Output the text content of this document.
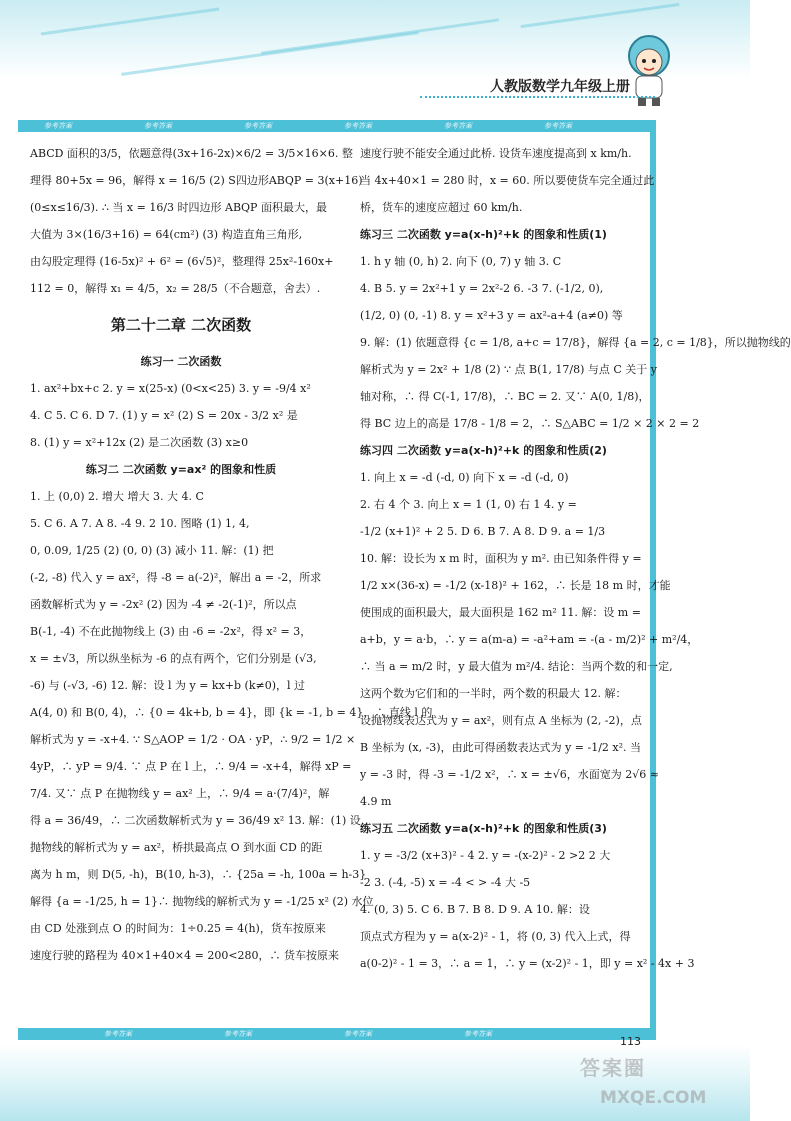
人教版数学九年级上册
参考答案	参考答案	参考答案	参考答案	参考答案	参考答案

ABCD 面积的3/5，依题意得(3x+16-2x)×6/2 = 3/5×16×6. 整

理得 80+5x = 96，解得 x = 16/5 (2) S四边形ABQP = 3(x+16)

(0≤x≤16/3). ∴ 当 x = 16/3 时四边形 ABQP 面积最大，最

大值为 3×(16/3+16) = 64(cm²) (3) 构造直角三角形,

由勾股定理得 (16-5x)² + 6² = (6√5)²，整理得 25x²-160x+

112 = 0，解得 x₁ = 4/5，x₂ = 28/5（不合题意，舍去）.

第二十二章 二次函数

练习一 二次函数

1. ax²+bx+c 2. y = x(25-x) (0<x<25) 3. y = -9/4 x²

4. C 5. C 6. D 7. (1) y = x² (2) S = 20x - 3/2 x² 是

8. (1) y = x²+12x (2) 是二次函数 (3) x≥0

练习二 二次函数 y=ax² 的图象和性质

1. 上 (0,0) 2. 增大 增大 3. 大 4. C

5. C 6. A 7. A 8. -4 9. 2 10. 图略 (1) 1, 4,

0, 0.09, 1/25 (2) (0, 0) (3) 减小 11. 解：(1) 把

(-2, -8) 代入 y = ax²，得 -8 = a(-2)²，解出 a = -2，所求

函数解析式为 y = -2x² (2) 因为 -4 ≠ -2(-1)²，所以点

B(-1, -4) 不在此抛物线上 (3) 由 -6 = -2x²，得 x² = 3，

x = ±√3，所以纵坐标为 -6 的点有两个，它们分别是 (√3,

-6) 与 (-√3, -6) 12. 解：设 l 为 y = kx+b (k≠0)，l 过

A(4, 0) 和 B(0, 4)，∴ {0 = 4k+b, b = 4}，即 {k = -1, b = 4}，∴ 直线 l 的

解析式为 y = -x+4. ∵ S△AOP = 1/2 · OA · yP，∴ 9/2 = 1/2 ×

4yP，∴ yP = 9/4. ∵ 点 P 在 l 上，∴ 9/4 = -x+4，解得 xP =

7/4. 又∵ 点 P 在抛物线 y = ax² 上，∴ 9/4 = a·(7/4)²，解

得 a = 36/49，∴ 二次函数解析式为 y = 36/49 x² 13. 解：(1) 设

抛物线的解析式为 y = ax²，桥拱最高点 O 到水面 CD 的距

离为 h m，则 D(5, -h)，B(10, h-3)，∴ {25a = -h, 100a = h-3}

解得 {a = -1/25, h = 1}∴ 抛物线的解析式为 y = -1/25 x² (2) 水位

由 CD 处涨到点 O 的时间为：1÷0.25 = 4(h)，货车按原来

速度行驶的路程为 40×1+40×4 = 200<280，∴ 货车按原来

速度行驶不能安全通过此桥. 设货车速度提高到 x km/h.

当 4x+40×1 = 280 时，x = 60. 所以要使货车完全通过此

桥，货车的速度应超过 60 km/h.

练习三 二次函数 y=a(x-h)²+k 的图象和性质(1)

1. h y 轴 (0, h) 2. 向下 (0, 7) y 轴 3. C

4. B 5. y = 2x²+1 y = 2x²-2 6. -3 7. (-1/2, 0),

(1/2, 0) (0, -1) 8. y = x²+3 y = ax²-a+4 (a≠0) 等

9. 解：(1) 依题意得 {c = 1/8, a+c = 17/8}，解得 {a = 2, c = 1/8}，所以抛物线的

解析式为 y = 2x² + 1/8 (2) ∵ 点 B(1, 17/8) 与点 C 关于 y

轴对称，∴ 得 C(-1, 17/8)，∴ BC = 2. 又∵ A(0, 1/8)，

得 BC 边上的高是 17/8 - 1/8 = 2，∴ S△ABC = 1/2 × 2 × 2 = 2

练习四 二次函数 y=a(x-h)²+k 的图象和性质(2)

1. 向上 x = -d (-d, 0) 向下 x = -d (-d, 0)

2. 右 4 个 3. 向上 x = 1 (1, 0) 右 1 4. y =

-1/2 (x+1)² + 2 5. D 6. B 7. A 8. D 9. a = 1/3

10. 解：设长为 x m 时，面积为 y m². 由已知条件得 y =

1/2 x×(36-x) = -1/2 (x-18)² + 162，∴ 长是 18 m 时，才能

使围成的面积最大，最大面积是 162 m² 11. 解：设 m =

a+b，y = a·b，∴ y = a(m-a) = -a²+am = -(a - m/2)² + m²/4，

∴ 当 a = m/2 时，y 最大值为 m²/4. 结论：当两个数的和一定,

这两个数为它们和的一半时，两个数的积最大 12. 解：

设抛物线表达式为 y = ax²，则有点 A 坐标为 (2, -2)，点

B 坐标为 (x, -3)，由此可得函数表达式为 y = -1/2 x². 当

y = -3 时，得 -3 = -1/2 x²，∴ x = ±√6，水面宽为 2√6 ≈

4.9 m

练习五 二次函数 y=a(x-h)²+k 的图象和性质(3)

1. y = -3/2 (x+3)² - 4 2. y = -(x-2)² - 2 >2 2 大

-2 3. (-4, -5) x = -4 < > -4 大 -5

4. (0, 3) 5. C 6. B 7. B 8. D 9. A 10. 解：设

顶点式方程为 y = a(x-2)² - 1，将 (0, 3) 代入上式，得

a(0-2)² - 1 = 3，∴ a = 1，∴ y = (x-2)² - 1，即 y = x² - 4x + 3

参考答案	参考答案	参考答案	参考答案
113
答案圈
MXQE.COM
